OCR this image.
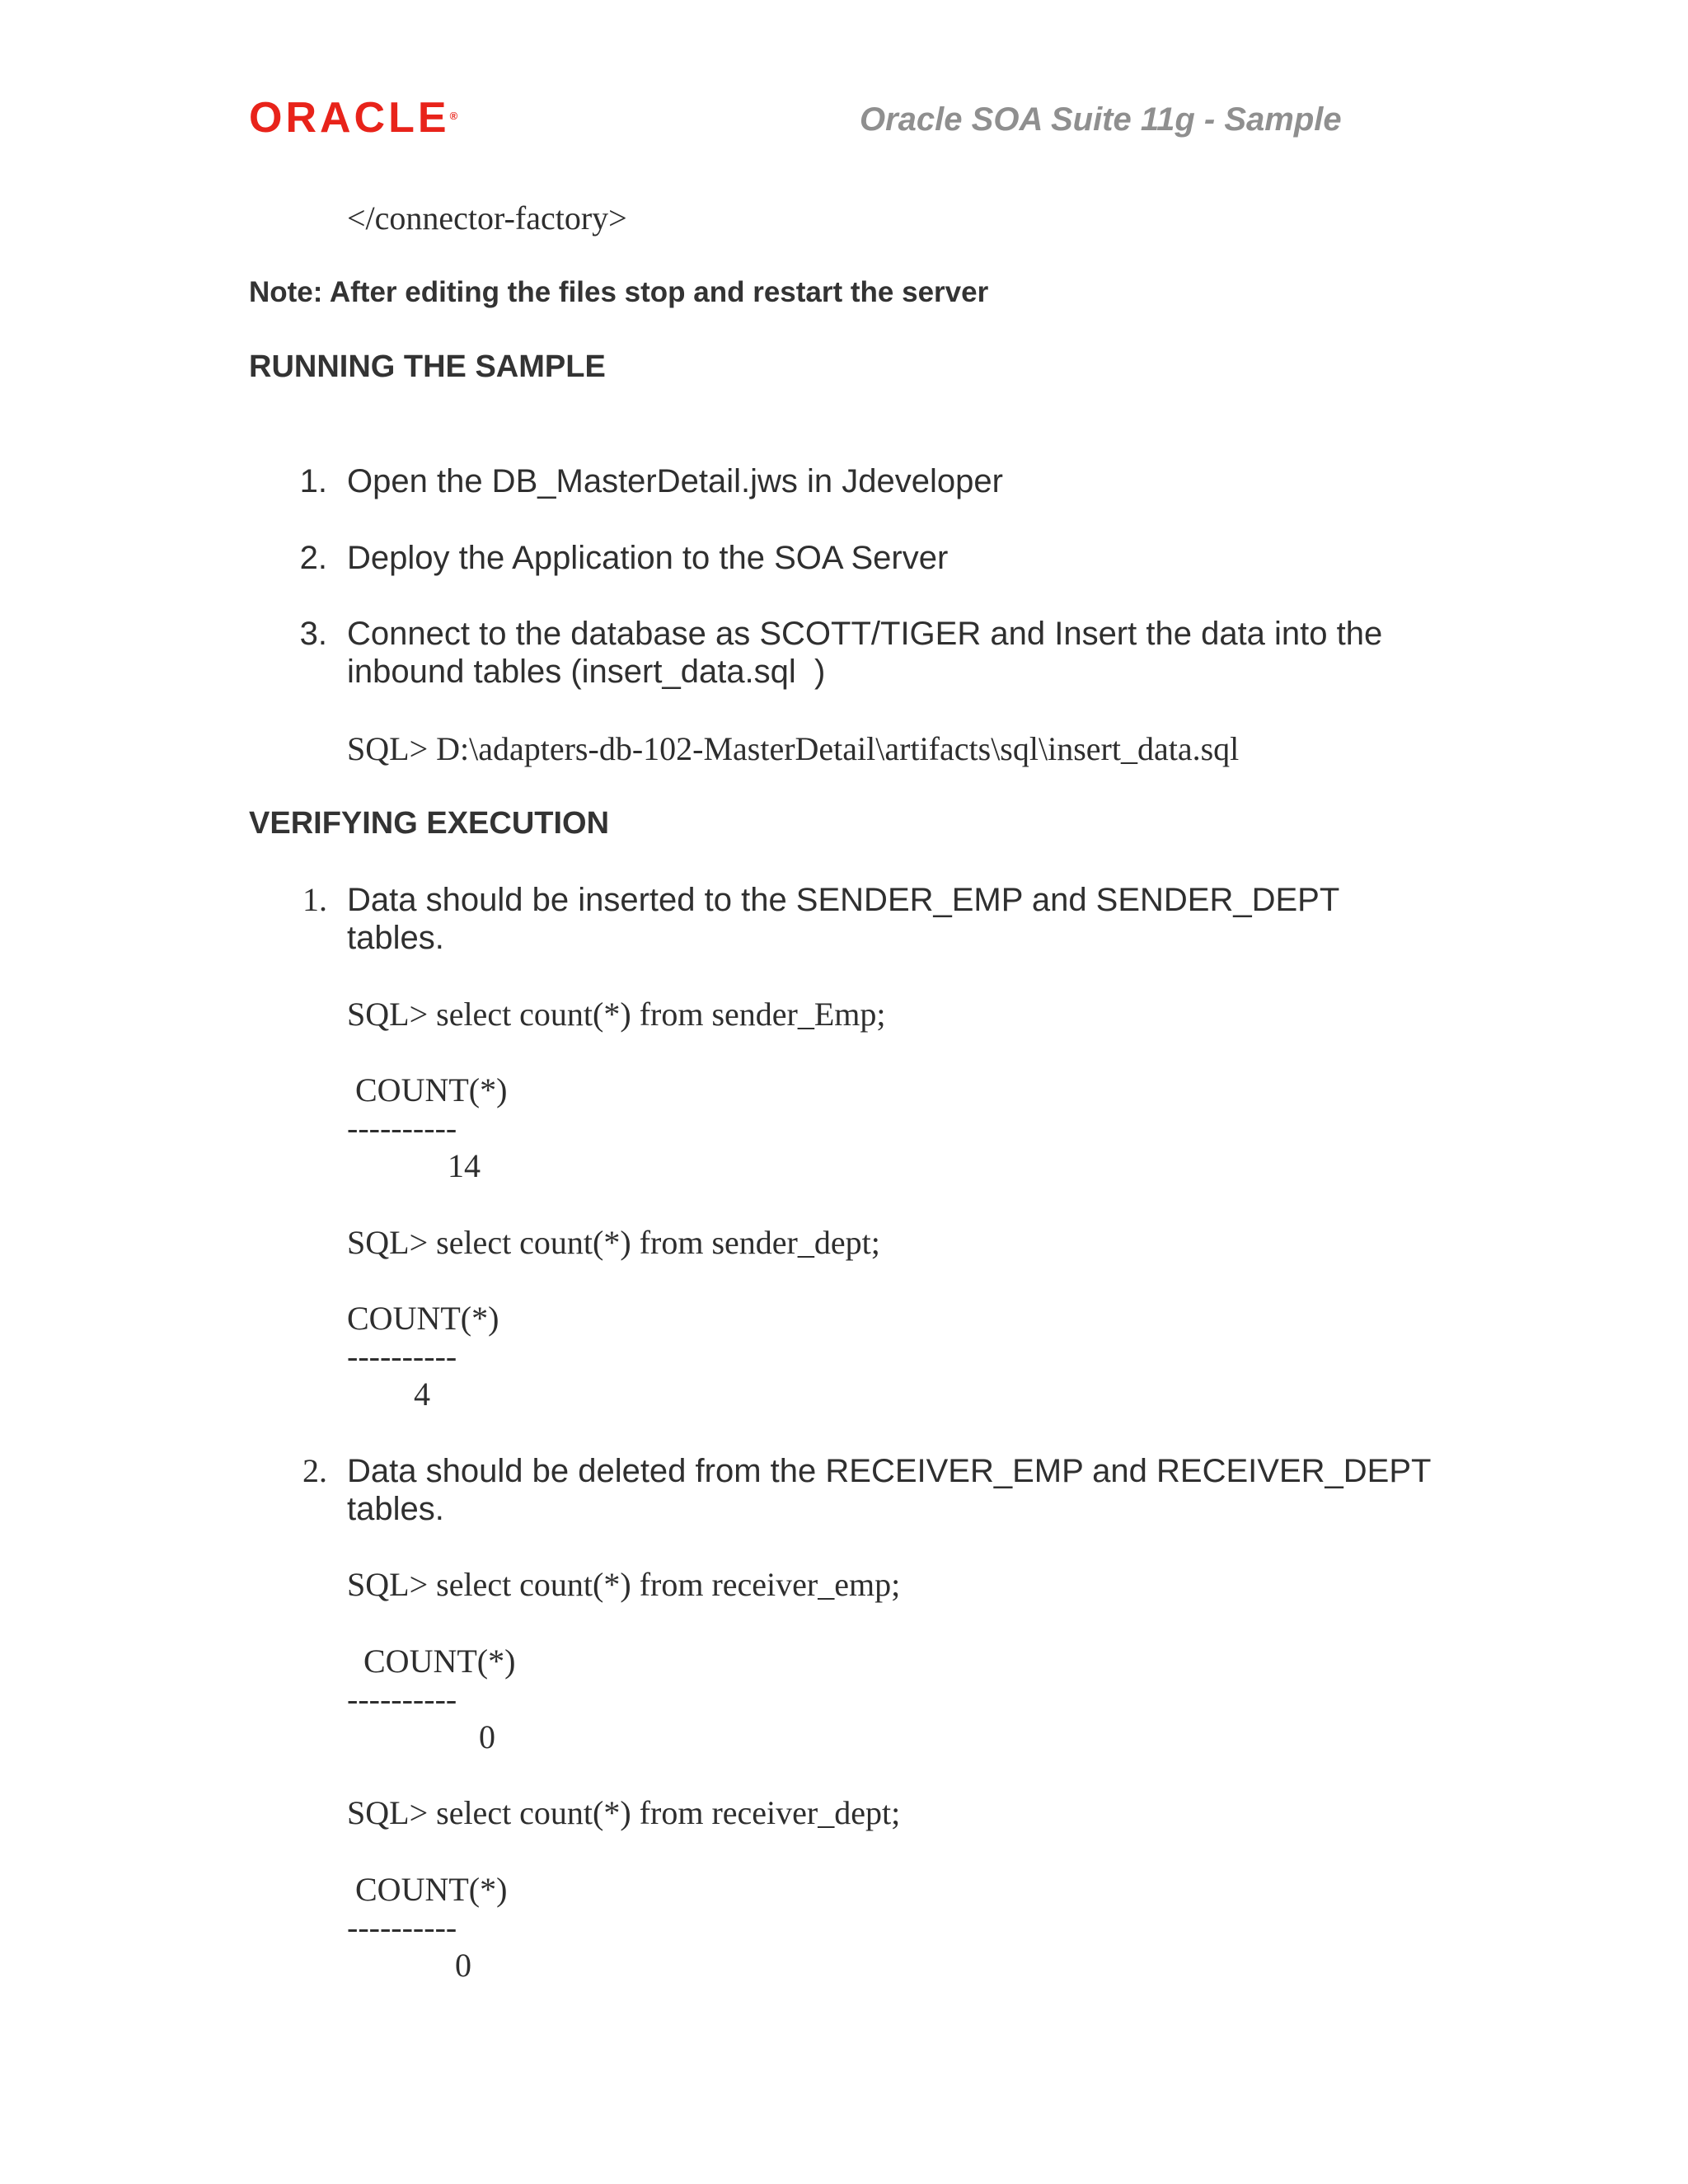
ORACLE®	Oracle SOA Suite 11g - Sample
</connector-factory>
Note: After editing the files stop and restart the server
RUNNING THE SAMPLE
1. Open the DB_MasterDetail.jws in Jdeveloper
2. Deploy the Application to the SOA Server
3. Connect to the database as SCOTT/TIGER and Insert the data into the
inbound tables (insert_data.sql  )
SQL> D:\adapters-db-102-MasterDetail\artifacts\sql\insert_data.sql
VERIFYING EXECUTION
1. Data should be inserted to the SENDER_EMP and SENDER_DEPT
tables.
SQL> select count(*) from sender_Emp;
COUNT(*)
----------
14
SQL> select count(*) from sender_dept;
COUNT(*)
----------
4
2. Data should be deleted from the RECEIVER_EMP and RECEIVER_DEPT
tables.
SQL> select count(*) from receiver_emp;
COUNT(*)
----------
0
SQL> select count(*) from receiver_dept;
COUNT(*)
----------
0
